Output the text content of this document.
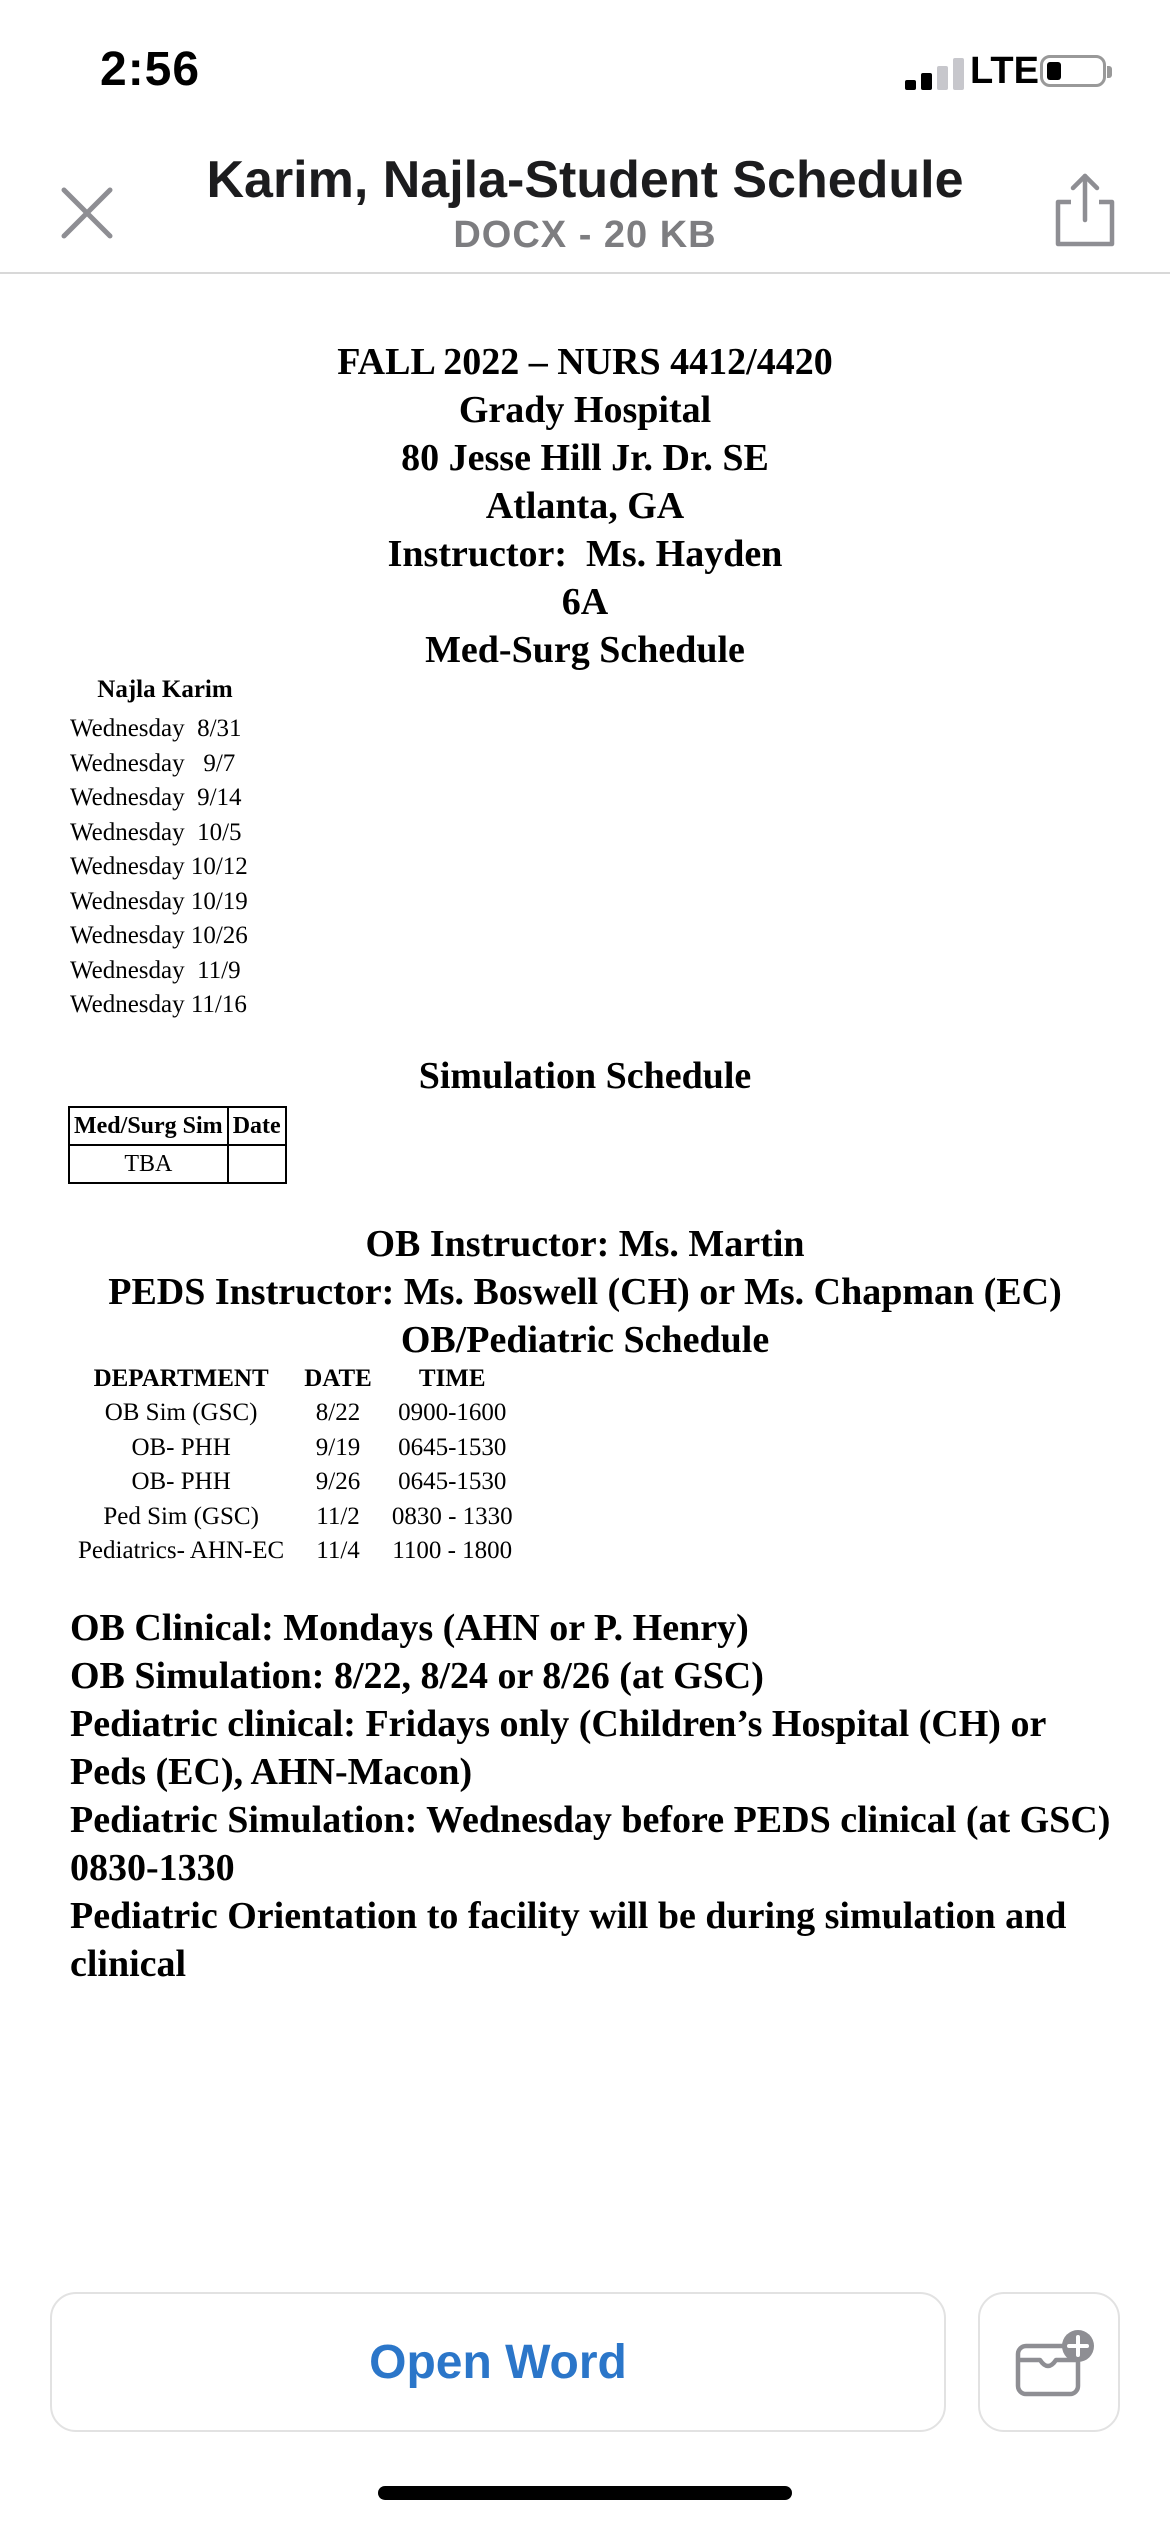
2:56	LTE
Karim, Najla-Student Schedule
DOCX - 20 KB
FALL 2022 – NURS 4412/4420
Grady Hospital
80 Jesse Hill Jr. Dr. SE
Atlanta, GA
Instructor:  Ms. Hayden
6A
Med-Surg Schedule
Najla Karim
Wednesday  8/31
Wednesday   9/7
Wednesday  9/14
Wednesday  10/5
Wednesday 10/12
Wednesday 10/19
Wednesday 10/26
Wednesday  11/9
Wednesday 11/16
Simulation Schedule
Med/Surg Sim	Date
TBA	
OB Instructor: Ms. Martin
PEDS Instructor: Ms. Boswell (CH) or Ms. Chapman (EC)
OB/Pediatric Schedule
DEPARTMENT	DATE	TIME
OB Sim (GSC)	8/22	0900-1600
OB- PHH	9/19	0645-1530
OB- PHH	9/26	0645-1530
Ped Sim (GSC)	11/2	0830 - 1330
Pediatrics- AHN-EC	11/4	1100 - 1800
OB Clinical: Mondays (AHN or P. Henry)
OB Simulation: 8/22, 8/24 or 8/26 (at GSC)
Pediatric clinical: Fridays only (Children’s Hospital (CH) or Peds (EC), AHN-Macon)
Pediatric Simulation: Wednesday before PEDS clinical (at GSC) 0830-1330
Pediatric Orientation to facility will be during simulation and clinical
Open Word
